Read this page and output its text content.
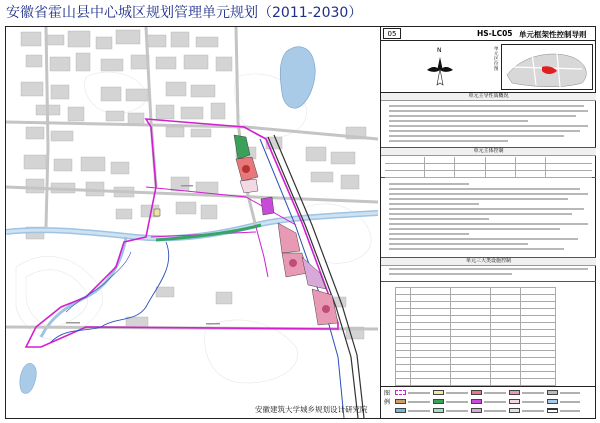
安徽省霍山县中心城区规划管理单元规划（2011-2030）
05	HS-LC05 单元框架性控制导则
N	单元区位图
单元主导性质概况
单元主体控制
单元三大类设施控制
图例
安徽建筑大学城乡规划设计研究院
